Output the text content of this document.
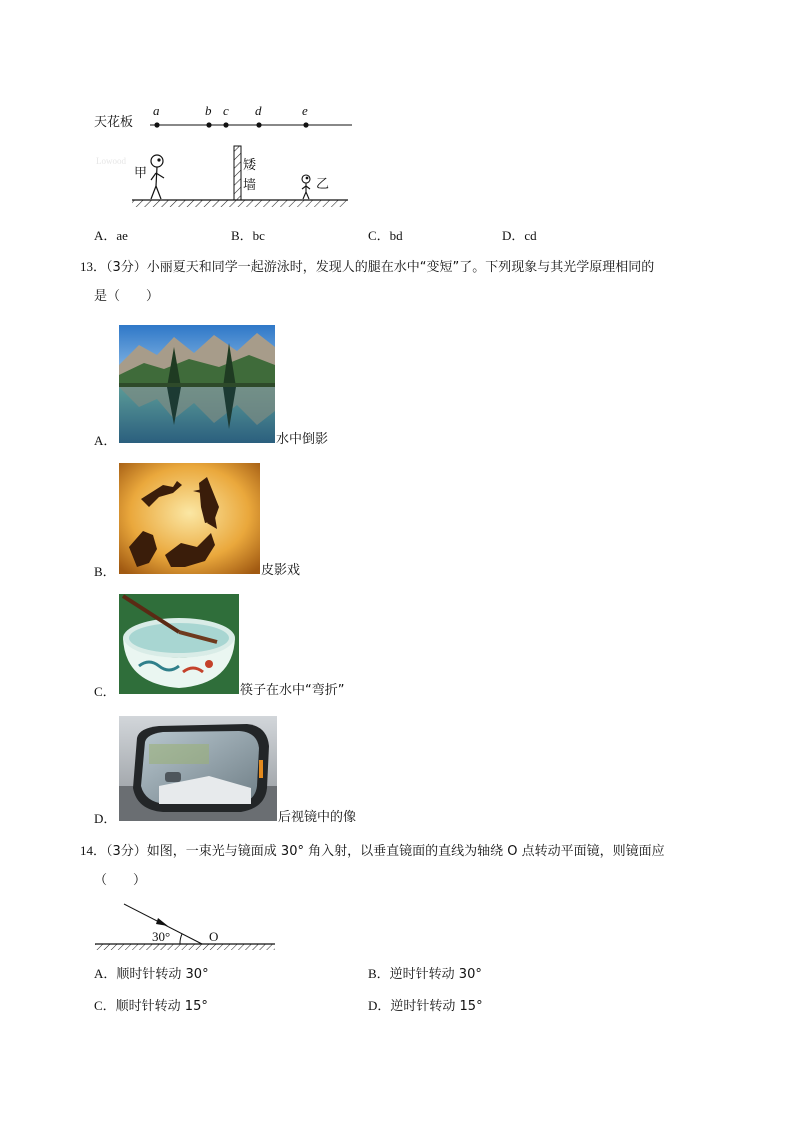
天花板
a	b c d	e
矮
墙
甲
乙
Lowood
A．ae	B．bc	C．bd	D．cd
13．（3分）小丽夏天和同学一起游泳时，发现人的腿在水中“变短”了。下列现象与其光学原理相同的
是（　　）
A．	水中倒影
B．	皮影戏
C．	筷子在水中“弯折”
D．	后视镜中的像
14．（3分）如图，一束光与镜面成 30° 角入射，以垂直镜面的直线为轴绕 O 点转动平面镜，则镜面应
（　　）
30°	O
A．顺时针转动 30°	B．逆时针转动 30°
C．顺时针转动 15°	D．逆时针转动 15°
